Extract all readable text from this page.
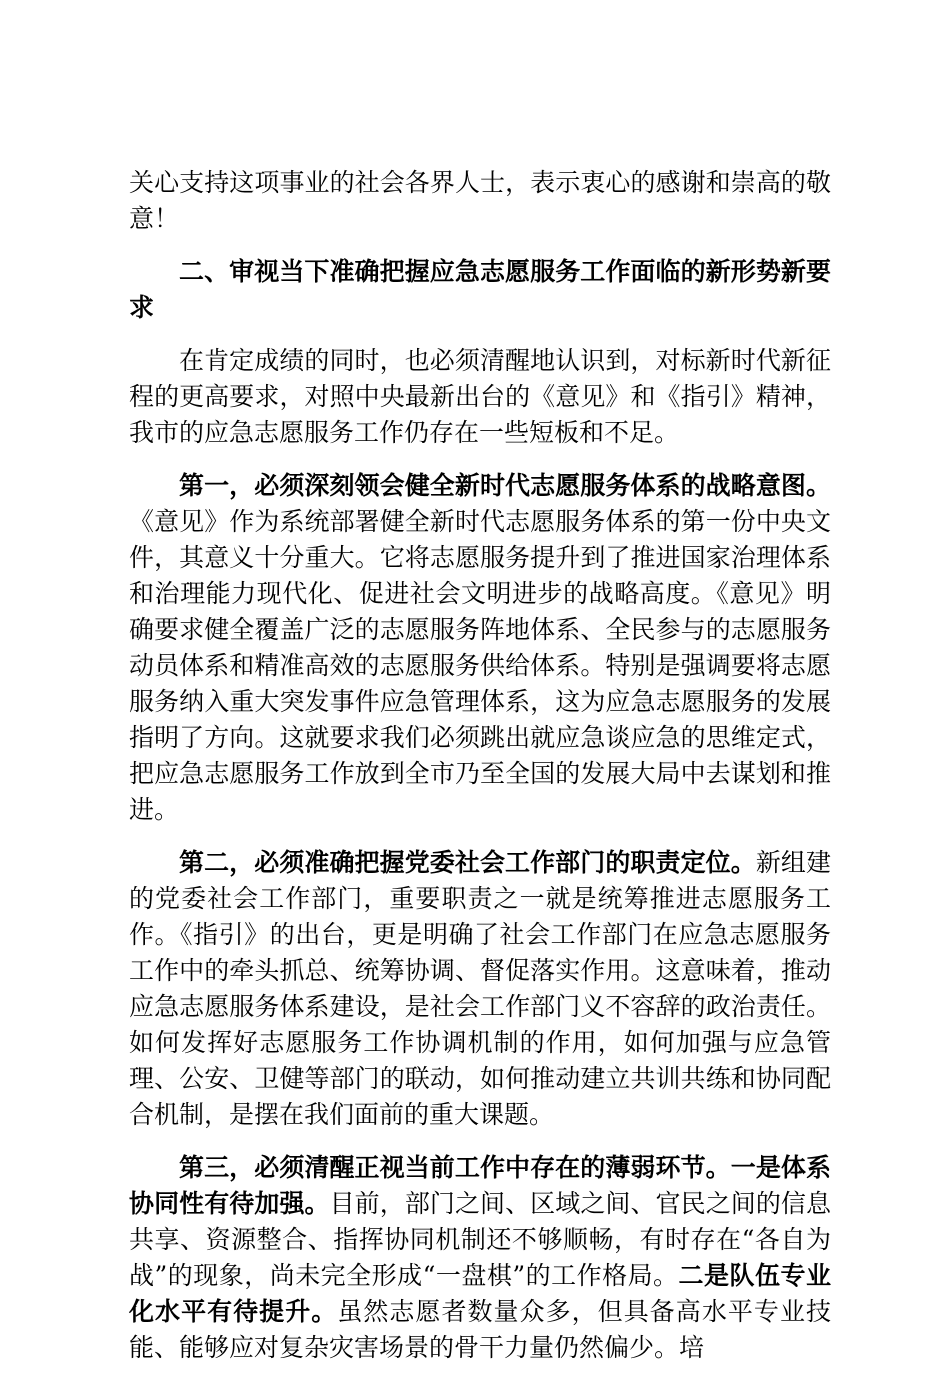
关心支持这项事业的社会各界人士，表示衷心的感谢和崇高的敬意！

二、审视当下准确把握应急志愿服务工作面临的新形势新要求

在肯定成绩的同时，也必须清醒地认识到，对标新时代新征程的更高要求，对照中央最新出台的《意见》和《指引》精神，我市的应急志愿服务工作仍存在一些短板和不足。

第一，必须深刻领会健全新时代志愿服务体系的战略意图。《意见》作为系统部署健全新时代志愿服务体系的第一份中央文件，其意义十分重大。它将志愿服务提升到了推进国家治理体系和治理能力现代化、促进社会文明进步的战略高度。《意见》明确要求健全覆盖广泛的志愿服务阵地体系、全民参与的志愿服务动员体系和精准高效的志愿服务供给体系。特别是强调要将志愿服务纳入重大突发事件应急管理体系，这为应急志愿服务的发展指明了方向。这就要求我们必须跳出就应急谈应急的思维定式，把应急志愿服务工作放到全市乃至全国的发展大局中去谋划和推进。

第二，必须准确把握党委社会工作部门的职责定位。新组建的党委社会工作部门，重要职责之一就是统筹推进志愿服务工作。《指引》的出台，更是明确了社会工作部门在应急志愿服务工作中的牵头抓总、统筹协调、督促落实作用。这意味着，推动应急志愿服务体系建设，是社会工作部门义不容辞的政治责任。如何发挥好志愿服务工作协调机制的作用，如何加强与应急管理、公安、卫健等部门的联动，如何推动建立共训共练和协同配合机制，是摆在我们面前的重大课题。

第三，必须清醒正视当前工作中存在的薄弱环节。一是体系协同性有待加强。目前，部门之间、区域之间、官民之间的信息共享、资源整合、指挥协同机制还不够顺畅，有时存在“各自为战”的现象，尚未完全形成“一盘棋”的工作格局。二是队伍专业化水平有待提升。虽然志愿者数量众多，但具备高水平专业技能、能够应对复杂灾害场景的骨干力量仍然偏少。培
